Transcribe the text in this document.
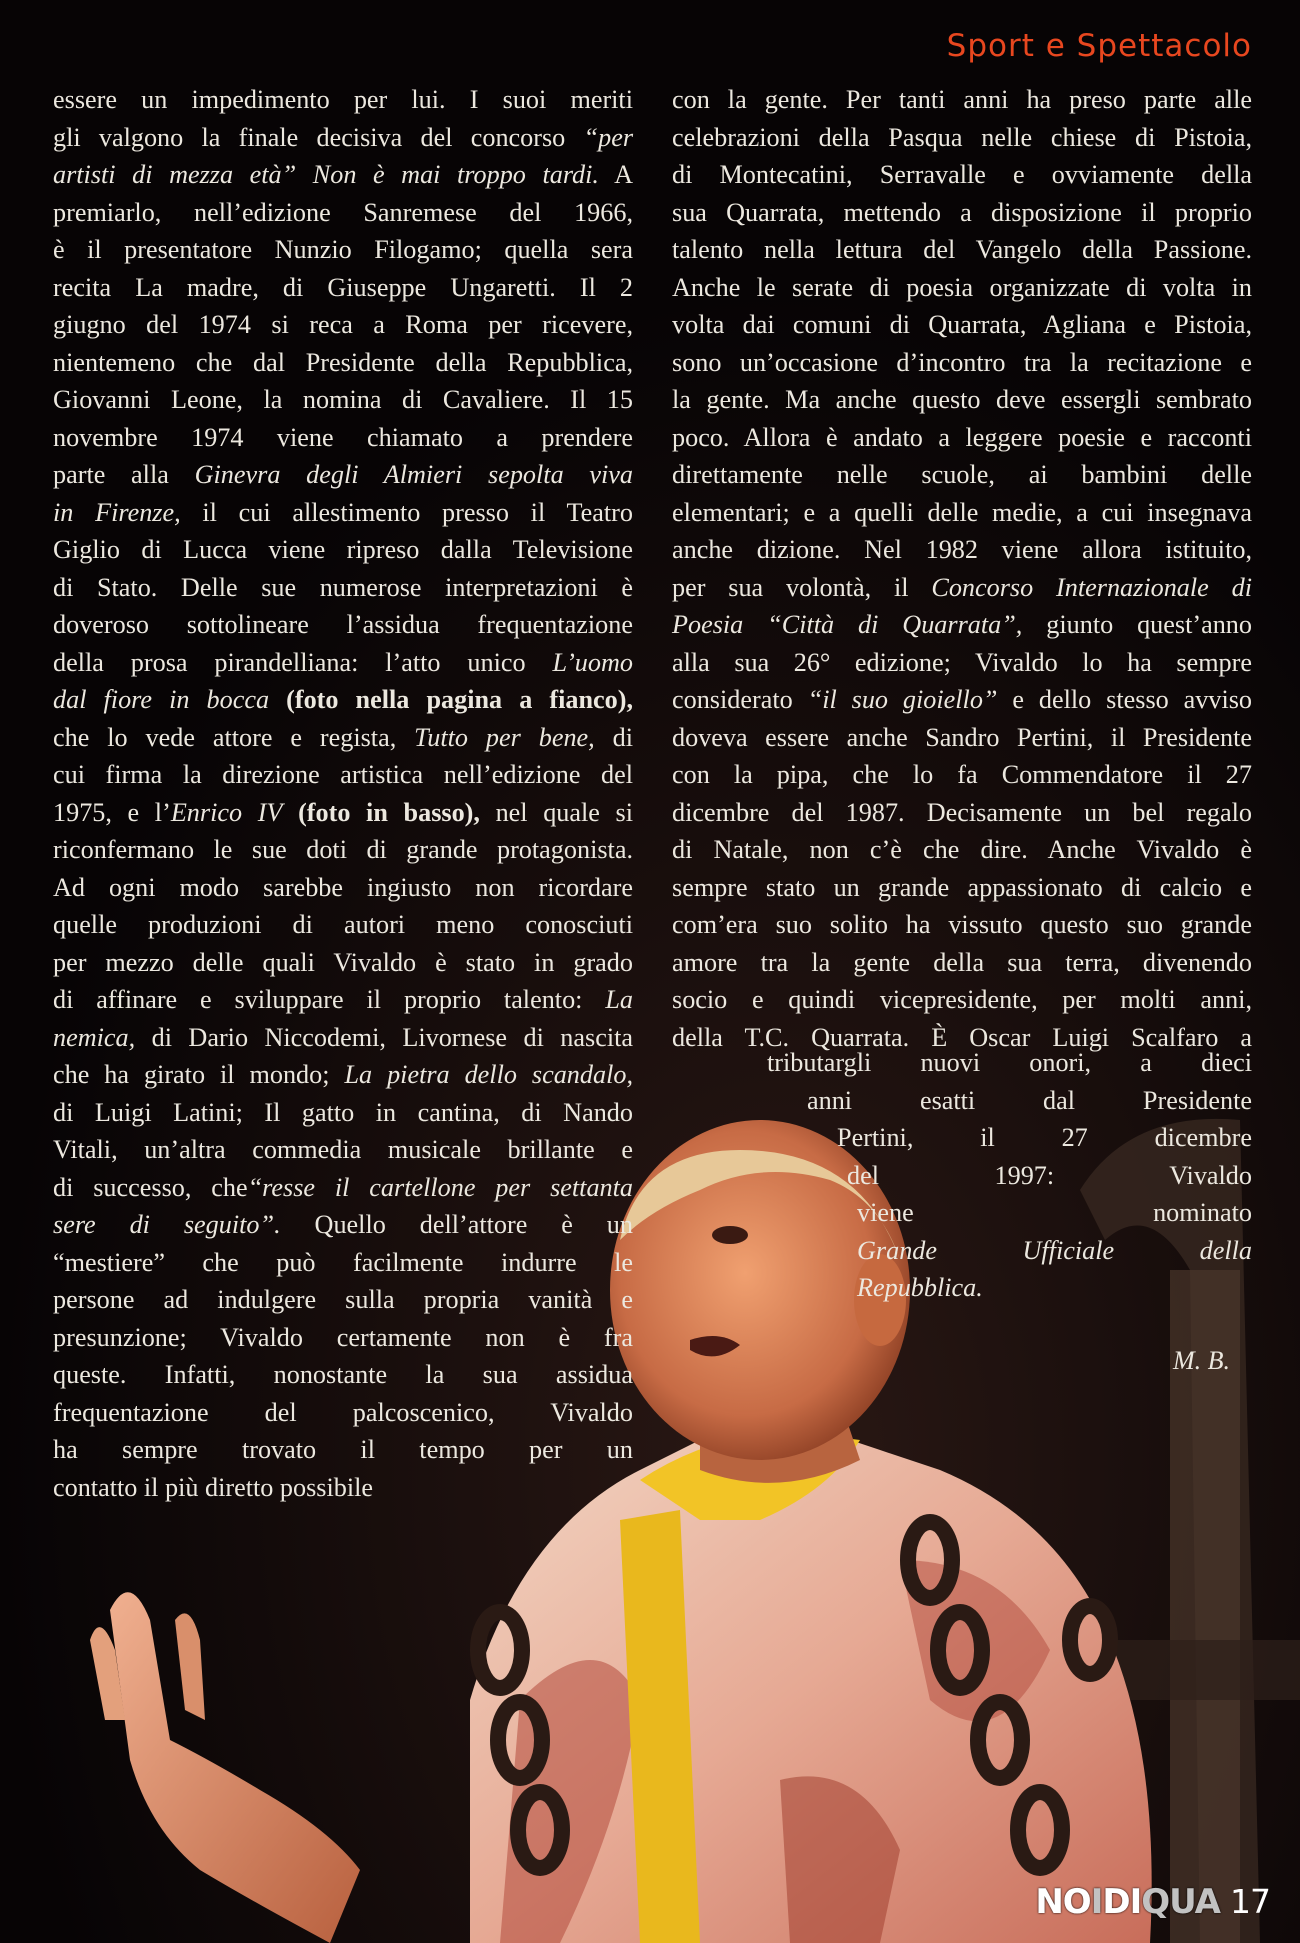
Sport e Spettacolo

essere un impedimento per lui. I suoi meriti

gli valgono la finale decisiva del concorso “per

artisti di mezza età” Non è mai troppo tardi. A

premiarlo, nell’edizione Sanremese del 1966,

è il presentatore Nunzio Filogamo; quella sera

recita La madre, di Giuseppe Ungaretti. Il 2

giugno del 1974 si reca a Roma per ricevere,

nientemeno che dal Presidente della Repubblica,

Giovanni Leone, la nomina di Cavaliere. Il 15

novembre 1974 viene chiamato a prendere

parte alla Ginevra degli Almieri sepolta viva

in Firenze, il cui allestimento presso il Teatro

Giglio di Lucca viene ripreso dalla Televisione

di Stato. Delle sue numerose interpretazioni è

doveroso sottolineare l’assidua frequentazione

della prosa pirandelliana: l’atto unico L’uomo

dal fiore in bocca (foto nella pagina a fianco),

che lo vede attore e regista, Tutto per bene, di

cui firma la direzione artistica nell’edizione del

1975, e l’Enrico IV (foto in basso), nel quale si

riconfermano le sue doti di grande protagonista.

Ad ogni modo sarebbe ingiusto non ricordare

quelle produzioni di autori meno conosciuti

per mezzo delle quali Vivaldo è stato in grado

di affinare e sviluppare il proprio talento: La

nemica, di Dario Niccodemi, Livornese di nascita

che ha girato il mondo; La pietra dello scandalo,

di Luigi Latini; Il gatto in cantina, di Nando

Vitali, un’altra commedia musicale brillante e

di successo, che“resse il cartellone per settanta

sere di seguito”. Quello dell’attore è un

“mestiere” che può facilmente indurre le

persone ad indulgere sulla propria vanità e

presunzione; Vivaldo certamente non è fra

queste. Infatti, nonostante la sua assidua

frequentazione del palcoscenico, Vivaldo

ha sempre trovato il tempo per un

contatto il più diretto possibile

con la gente. Per tanti anni ha preso parte alle

celebrazioni della Pasqua nelle chiese di Pistoia,

di Montecatini, Serravalle e ovviamente della

sua Quarrata, mettendo a disposizione il proprio

talento nella lettura del Vangelo della Passione.

Anche le serate di poesia organizzate di volta in

volta dai comuni di Quarrata, Agliana e Pistoia,

sono un’occasione d’incontro tra la recitazione e

la gente. Ma anche questo deve essergli sembrato

poco. Allora è andato a leggere poesie e racconti

direttamente nelle scuole, ai bambini delle

elementari; e a quelli delle medie, a cui insegnava

anche dizione. Nel 1982 viene allora istituito,

per sua volontà, il Concorso Internazionale di

Poesia “Città di Quarrata”, giunto quest’anno

alla sua 26° edizione; Vivaldo lo ha sempre

considerato “il suo gioiello” e dello stesso avviso

doveva essere anche Sandro Pertini, il Presidente

con la pipa, che lo fa Commendatore il 27

dicembre del 1987. Decisamente un bel regalo

di Natale, non c’è che dire. Anche Vivaldo è

sempre stato un grande appassionato di calcio e

com’era suo solito ha vissuto questo suo grande

amore tra la gente della sua terra, divenendo

socio e quindi vicepresidente, per molti anni,

della T.C. Quarrata. È Oscar Luigi Scalfaro a

tributargli nuovi onori, a dieci

anni esatti dal Presidente

Pertini, il 27 dicembre

del 1997: Vivaldo

viene nominato

Grande Ufficiale della

Repubblica.

M. B.
NOIDIQUA 17
